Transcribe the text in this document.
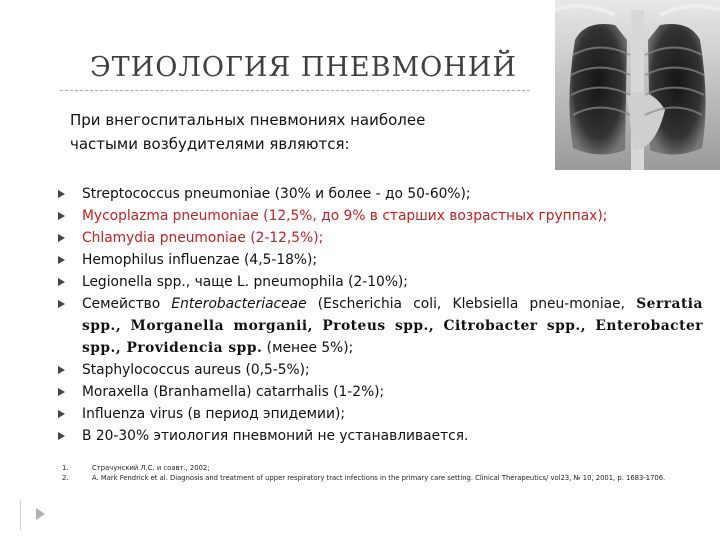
ЭТИОЛОГИЯ ПНЕВМОНИЙ
При внегоспитальных пневмониях наиболее
частыми возбудителями являются:
Streptococcus pneumoniae (30% и более - до 50-60%);
Mycoplazma pneumoniae (12,5%, до 9% в старших возрастных группах);
Chlamydia pneumoniae (2-12,5%);
Hemophilus influenzae (4,5-18%);
Legionella spp., чаще L. pneumophila (2-10%);
Семейство Enterobacteriaceae (Escherichia coli, Klebsiella pneu-moniae, Serratia spp., Morganella morganii, Proteus spp., Citrobacter spp., Enterobacter spp., Providencia spp. (менее 5%);
Staphylococcus aureus (0,5-5%);
Moraxella (Branhamella) catarrhalis (1-2%);
Influenza virus (в период эпидемии);
В 20-30% этиология пневмоний не устанавливается.
1.	Страчунский Л.С. и соавт., 2002;
2.	A. Mark Fendrick et al. Diagnosis and treatment of upper respiratory tract infections in the primary care setting. Clinical Therapeutics/ vol23, № 10, 2001, p. 1683-1706.
